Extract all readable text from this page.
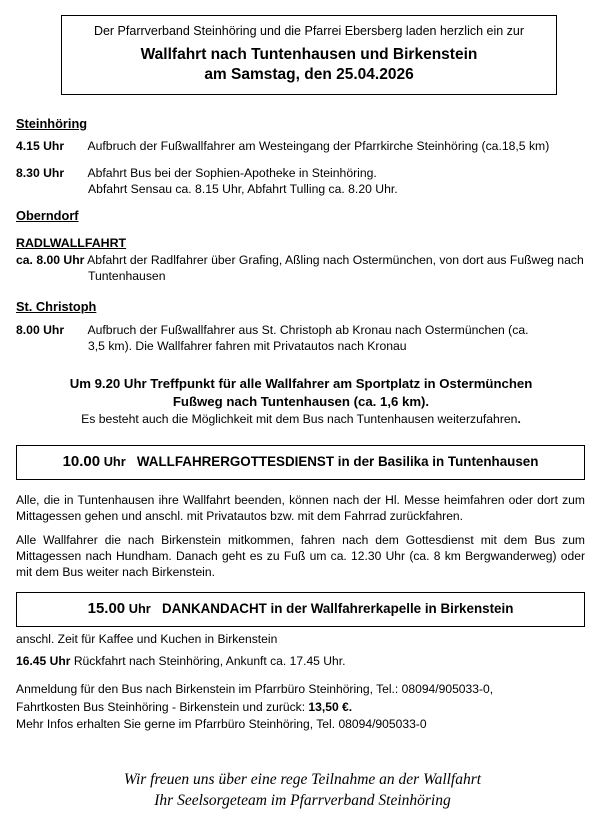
Der Pfarrverband Steinhöring und die Pfarrei Ebersberg laden herzlich ein zur
Wallfahrt nach Tuntenhausen und Birkenstein
am Samstag, den 25.04.2026
Steinhöring
4.15 Uhr Aufbruch der Fußwallfahrer am Westeingang der Pfarrkirche Steinhöring (ca.18,5 km)
8.30 Uhr Abfahrt Bus bei der Sophien-Apotheke in Steinhöring.
Abfahrt Sensau ca. 8.15 Uhr, Abfahrt Tulling ca. 8.20 Uhr.
Oberndorf
RADLWALLFAHRT
ca. 8.00 Uhr Abfahrt der Radlfahrer über Grafing, Aßling nach Ostermünchen, von dort aus Fußweg nach
Tuntenhausen
St. Christoph
8.00 Uhr Aufbruch der Fußwallfahrer aus St. Christoph ab Kronau nach Ostermünchen (ca.
3,5 km). Die Wallfahrer fahren mit Privatautos nach Kronau
Um 9.20 Uhr Treffpunkt für alle Wallfahrer am Sportplatz in Ostermünchen
Fußweg nach Tuntenhausen (ca. 1,6 km).
Es besteht auch die Möglichkeit mit dem Bus nach Tuntenhausen weiterzufahren.
10.00 Uhr WALLFAHRERGOTTESDIENST in der Basilika in Tuntenhausen
Alle, die in Tuntenhausen ihre Wallfahrt beenden, können nach der Hl. Messe heimfahren oder dort zum Mittagessen gehen und anschl. mit Privatautos bzw. mit dem Fahrrad zurückfahren.
Alle Wallfahrer die nach Birkenstein mitkommen, fahren nach dem Gottesdienst mit dem Bus zum Mittagessen nach Hundham. Danach geht es zu Fuß um ca. 12.30 Uhr (ca. 8 km Bergwanderweg) oder mit dem Bus weiter nach Birkenstein.
15.00 Uhr DANKANDACHT in der Wallfahrerkapelle in Birkenstein
anschl. Zeit für Kaffee und Kuchen in Birkenstein
16.45 Uhr Rückfahrt nach Steinhöring, Ankunft ca. 17.45 Uhr.
Anmeldung für den Bus nach Birkenstein im Pfarrbüro Steinhöring, Tel.: 08094/905033-0,
Fahrtkosten Bus Steinhöring - Birkenstein und zurück: 13,50 €.
Mehr Infos erhalten Sie gerne im Pfarrbüro Steinhöring, Tel. 08094/905033-0
Wir freuen uns über eine rege Teilnahme an der Wallfahrt
Ihr Seelsorgeteam im Pfarrverband Steinhöring
